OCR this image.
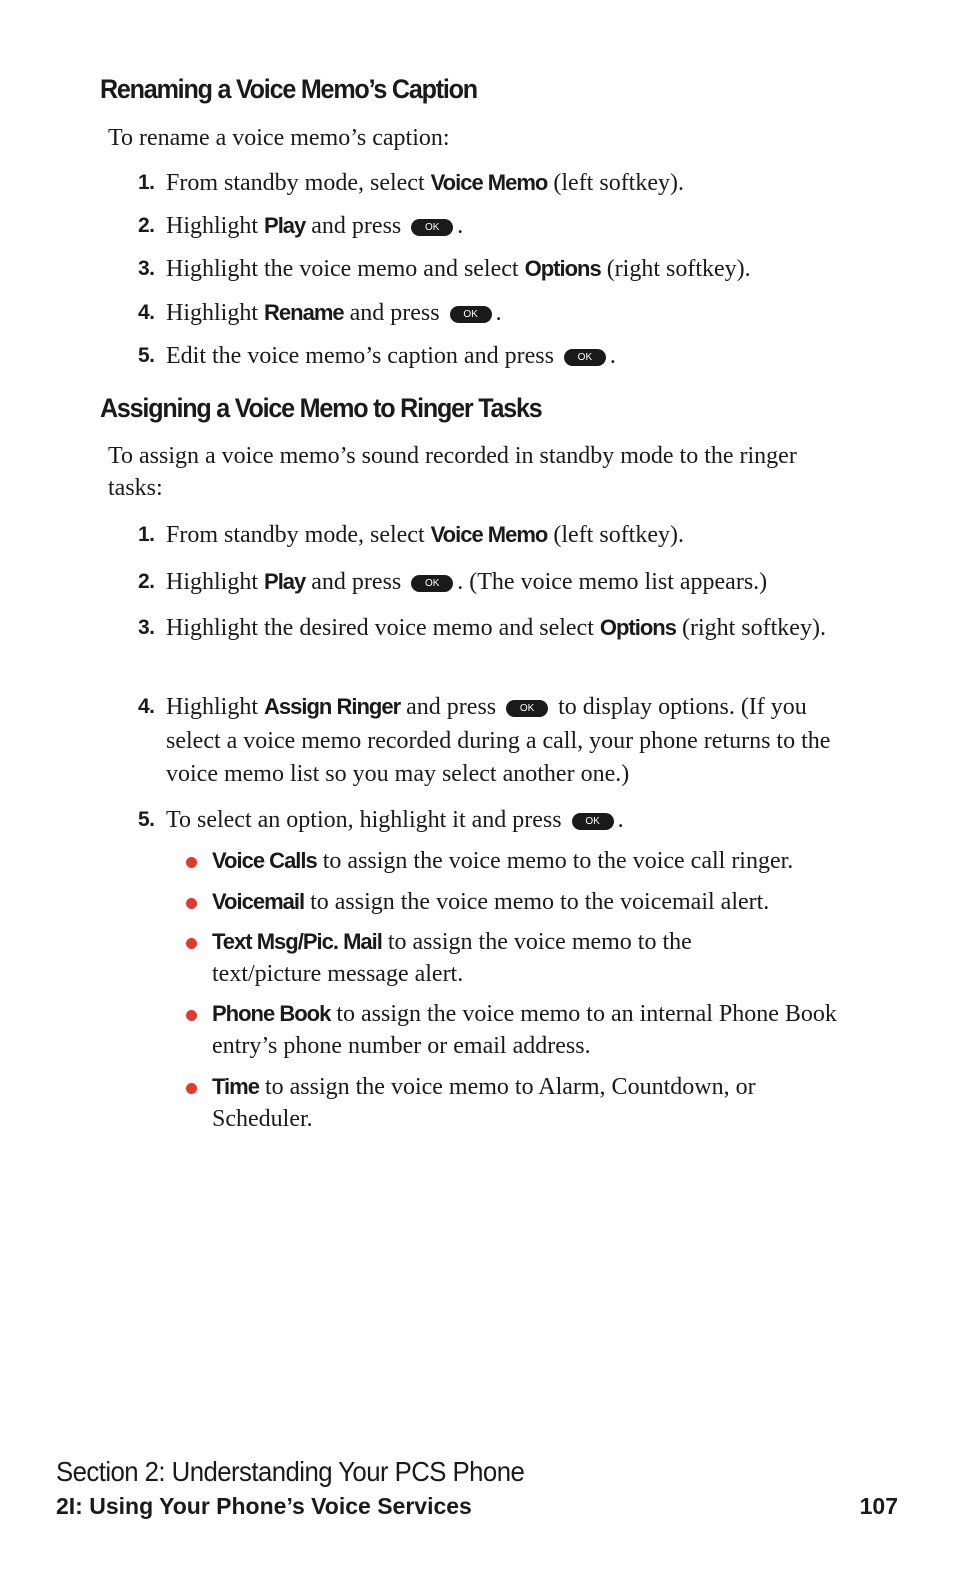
Renaming a Voice Memo’s Caption

To rename a voice memo’s caption:

1. From standby mode, select Voice Memo (left softkey).
2. Highlight Play and press OK .
3. Highlight the voice memo and select Options (right softkey).
4. Highlight Rename and press OK .
5. Edit the voice memo’s caption and press OK .
Assigning a Voice Memo to Ringer Tasks

To assign a voice memo’s sound recorded in standby mode to the ringer tasks:

1. From standby mode, select Voice Memo (left softkey).
2. Highlight Play and press OK . (The voice memo list appears.)
3. Highlight the desired voice memo and select Options (right softkey).
4. Highlight Assign Ringer and press OK to display options. (If you select a voice memo recorded during a call, your phone returns to the voice memo list so you may select another one.)
5. To select an option, highlight it and press OK .
Voice Calls to assign the voice memo to the voice call ringer.
Voicemail to assign the voice memo to the voicemail alert.
Text Msg/Pic. Mail to assign the voice memo to the text/picture message alert.
Phone Book to assign the voice memo to an internal Phone Book entry’s phone number or email address.
Time to assign the voice memo to Alarm, Countdown, or Scheduler.
Section 2: Understanding Your PCS Phone
2I: Using Your Phone’s Voice Services	107
